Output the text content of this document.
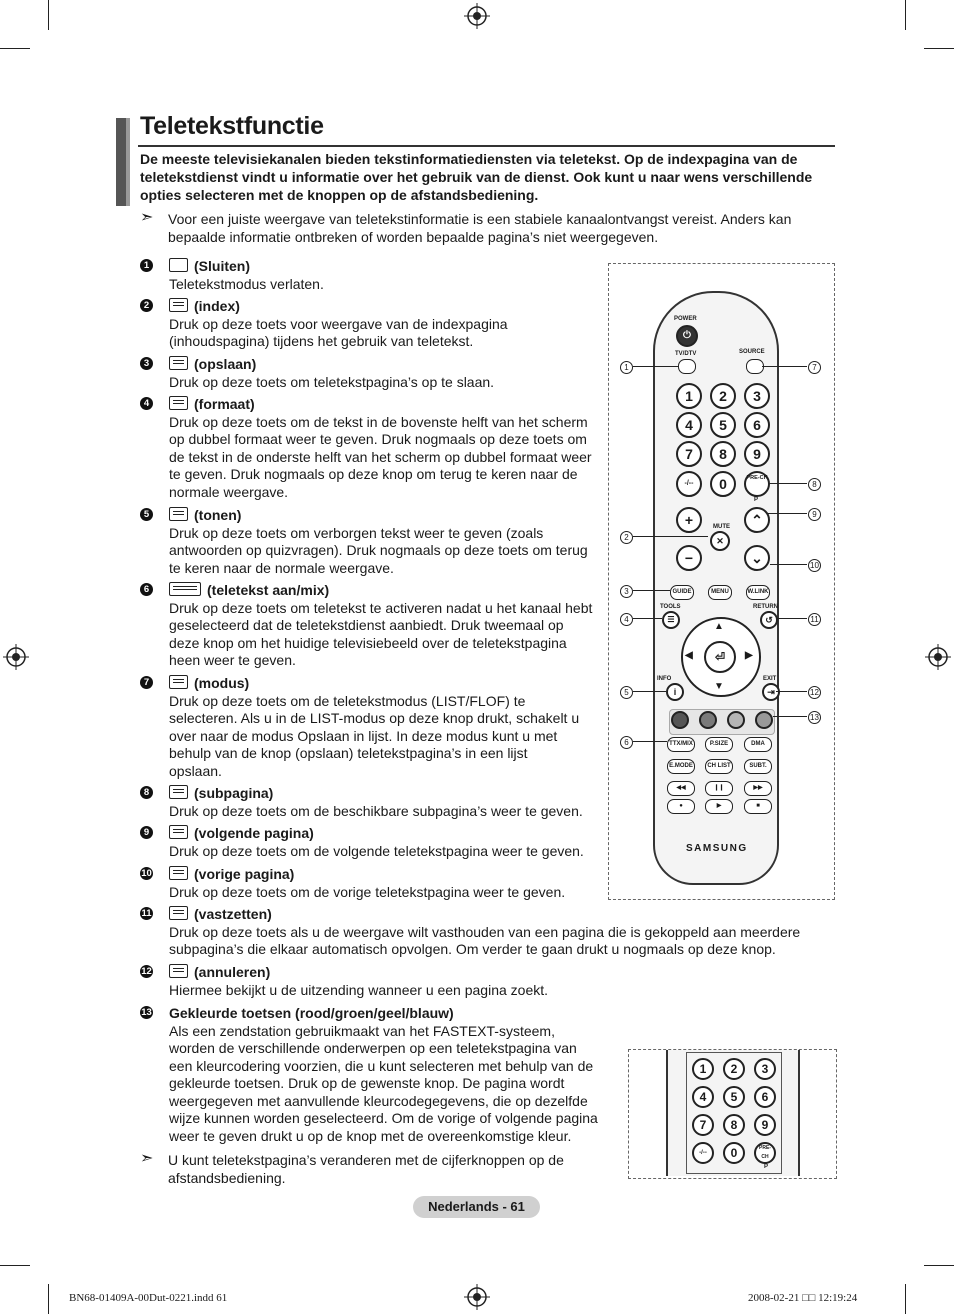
Teletekstfunctie
De meeste televisiekanalen bieden tekstinformatiediensten via teletekst. Op de indexpagina van de teletekstdienst vindt u informatie over het gebruik van de dienst. Ook kunt u naar wens verschillende opties selecteren met de knoppen op de afstandsbediening.
➣ Voor een juiste weergave van teletekstinformatie is een stabiele kanaalontvangst vereist. Anders kan bepaalde informatie ontbreken of worden bepaalde pagina’s niet weergegeven.
1	(Sluiten)
Teletekstmodus verlaten.
2	(index)
Druk op deze toets voor weergave van de indexpagina (inhoudspagina) tijdens het gebruik van teletekst.
3	(opslaan)
Druk op deze toets om teletekstpagina’s op te slaan.
4	(formaat)
Druk op deze toets om de tekst in de bovenste helft van het scherm op dubbel formaat weer te geven. Druk nogmaals op deze toets om de tekst in de onderste helft van het scherm op dubbel formaat weer te geven. Druk nogmaals op deze knop om terug te keren naar de normale weergave.
5	(tonen)
Druk op deze toets om verborgen tekst weer te geven (zoals antwoorden op quizvragen). Druk nogmaals op deze toets om terug te keren naar de normale weergave.
6	(teletekst aan/mix)
Druk op deze toets om teletekst te activeren nadat u het kanaal hebt geselecteerd dat de teletekstdienst aanbiedt. Druk tweemaal op deze knop om het huidige televisiebeeld over de teletekstpagina heen weer te geven.
7	(modus)
Druk op deze toets om de teletekstmodus (LIST/FLOF) te selecteren. Als u in de LIST-modus op deze knop drukt, schakelt u over naar de modus Opslaan in lijst. In deze modus kunt u met behulp van de knop (opslaan) teletekstpagina’s in een lijst opslaan.
8	(subpagina)
Druk op deze toets om de beschikbare subpagina’s weer te geven.
9	(volgende pagina)
Druk op deze toets om de volgende teletekstpagina weer te geven.
10	(vorige pagina)
Druk op deze toets om de vorige teletekstpagina weer te geven.
11	(vastzetten)
Druk op deze toets als u de weergave wilt vasthouden van een pagina die is gekoppeld aan meerdere subpagina’s die elkaar automatisch opvolgen. Om verder te gaan drukt u nogmaals op deze knop.
12	(annuleren)
Hiermee bekijkt u de uitzending wanneer u een pagina zoekt.
13 Gekleurde toetsen (rood/groen/geel/blauw)
Als een zendstation gebruikmaakt van het FASTEXT-systeem, worden de verschillende onderwerpen op een teletekstpagina van een kleurcodering voorzien, die u kunt selecteren met behulp van de gekleurde toetsen. Druk op de gewenste knop. De pagina wordt weergegeven met aanvullende kleurcodegegevens, die op dezelfde wijze kunnen worden geselecteerd. Om de vorige of volgende pagina weer te geven drukt u op de knop met de overeenkomstige kleur.
➣ U kunt teletekstpagina’s veranderen met de cijferknoppen op de afstandsbediening.
POWER
⏻
TV/DTV	SOURCE
1	2	3
4	5	6
7	8	9
-/--	0	PRE-CH
P
+	MUTE	⌃
−
✕
⌄
GUIDE	MENU	W.LINK
TOOLS	RETURN
☰	↺
⏎
▲
▼
◀	▶
INFO	EXIT
i	⇥
TTX/MIX	P.SIZE	DMA
E.MODE	CH LIST	SUBT.
◀◀	❙❙	▶▶
●	▶	■
SAMSUNG
1	7
8
9
2
10
3
4	11
5	12
13
6
1	2	3
4	5	6
7	8	9
-/--	0	PRE-CH
P
Nederlands - 61
BN68-01409A-00Dut-0221.indd 61	2008-02-21 □□ 12:19:24
